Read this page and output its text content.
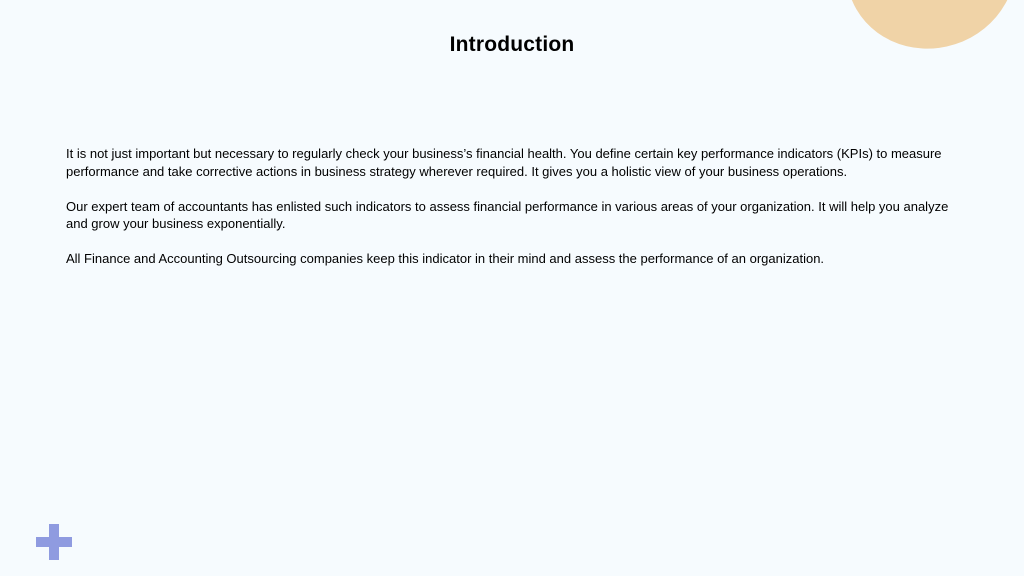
Introduction

It is not just important but necessary to regularly check your business’s financial health. You define certain key performance indicators (KPIs) to measure performance and take corrective actions in business strategy wherever required. It gives you a holistic view of your business operations.

Our expert team of accountants has enlisted such indicators to assess financial performance in various areas of your organization. It will help you analyze and grow your business exponentially.

All Finance and Accounting Outsourcing companies keep this indicator in their mind and assess the performance of an organization.
